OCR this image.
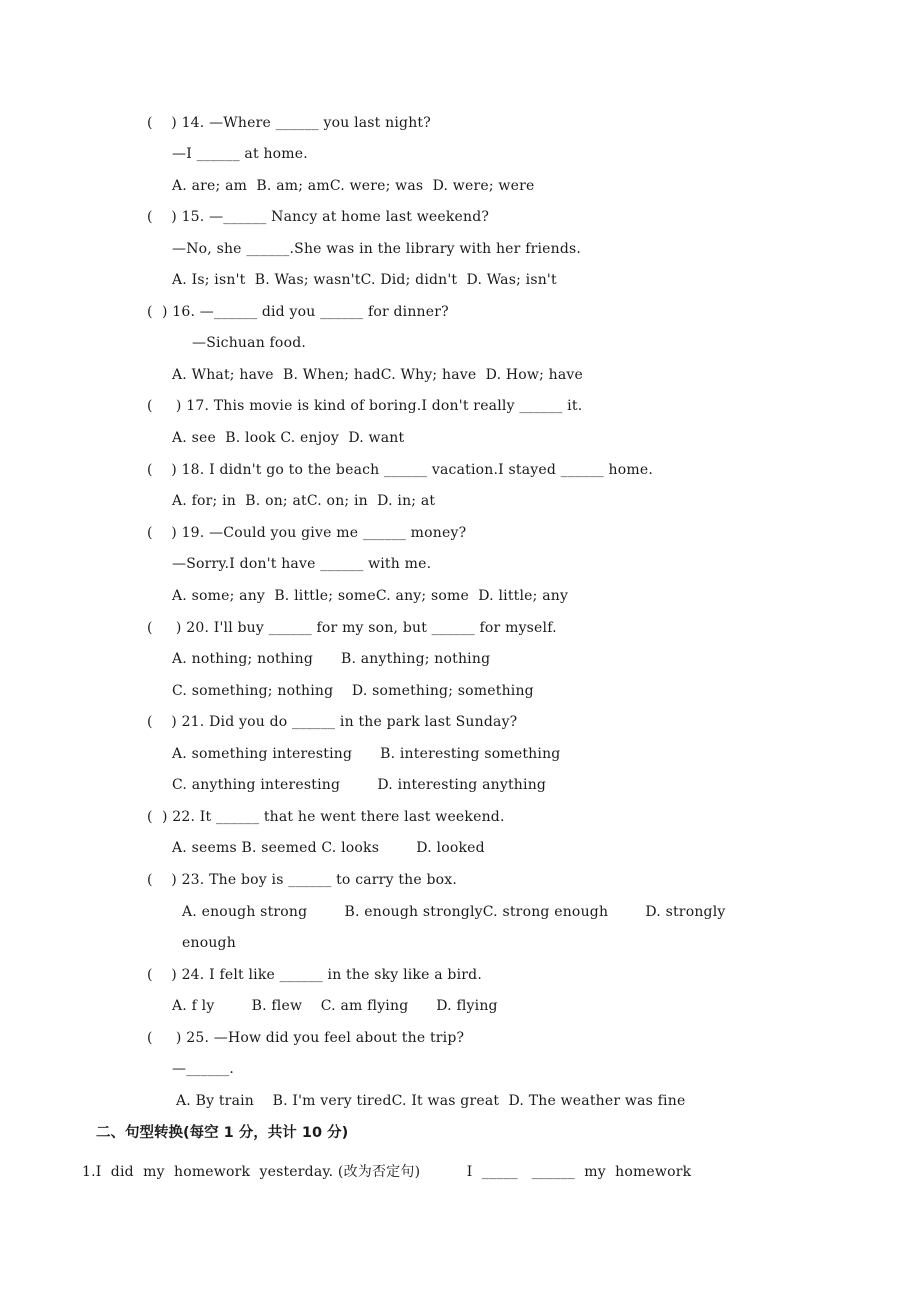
(    ) 14. —Where ______ you last night?
—I ______ at home.
A. are; am  B. am; amC. were; was  D. were; were
(    ) 15. —______ Nancy at home last weekend?
—No, she ______.She was in the library with her friends.
A. Is; isn't  B. Was; wasn'tC. Did; didn't  D. Was; isn't
(  ) 16. —______ did you ______ for dinner?
—Sichuan food.
A. What; have  B. When; hadC. Why; have  D. How; have
(     ) 17. This movie is kind of boring.I don't really ______ it.
A. see  B. look C. enjoy  D. want
(    ) 18. I didn't go to the beach ______ vacation.I stayed ______ home.
A. for; in  B. on; atC. on; in  D. in; at
(    ) 19. —Could you give me ______ money?
—Sorry.I don't have ______ with me.
A. some; any  B. little; someC. any; some  D. little; any
(     ) 20. I'll buy ______ for my son, but ______ for myself.
A. nothing; nothing      B. anything; nothing
C. something; nothing    D. something; something
(    ) 21. Did you do ______ in the park last Sunday?
A. something interesting      B. interesting something
C. anything interesting        D. interesting anything
(  ) 22. It ______ that he went there last weekend.
A. seems B. seemed C. looks        D. looked
(    ) 23. The boy is ______ to carry the box.
A. enough strong        B. enough stronglyC. strong enough        D. strongly
enough
(    ) 24. I felt like ______ in the sky like a bird.
A. f ly        B. flew    C. am flying      D. flying
(     ) 25. —How did you feel about the trip?
—______.
A. By train    B. I'm very tiredC. It was great  D. The weather was fine
二、句型转换(每空 1 分，共计 10 分)
1.I  did  my  homework  yesterday. (改为否定句)          I  _____   ______  my  homework
